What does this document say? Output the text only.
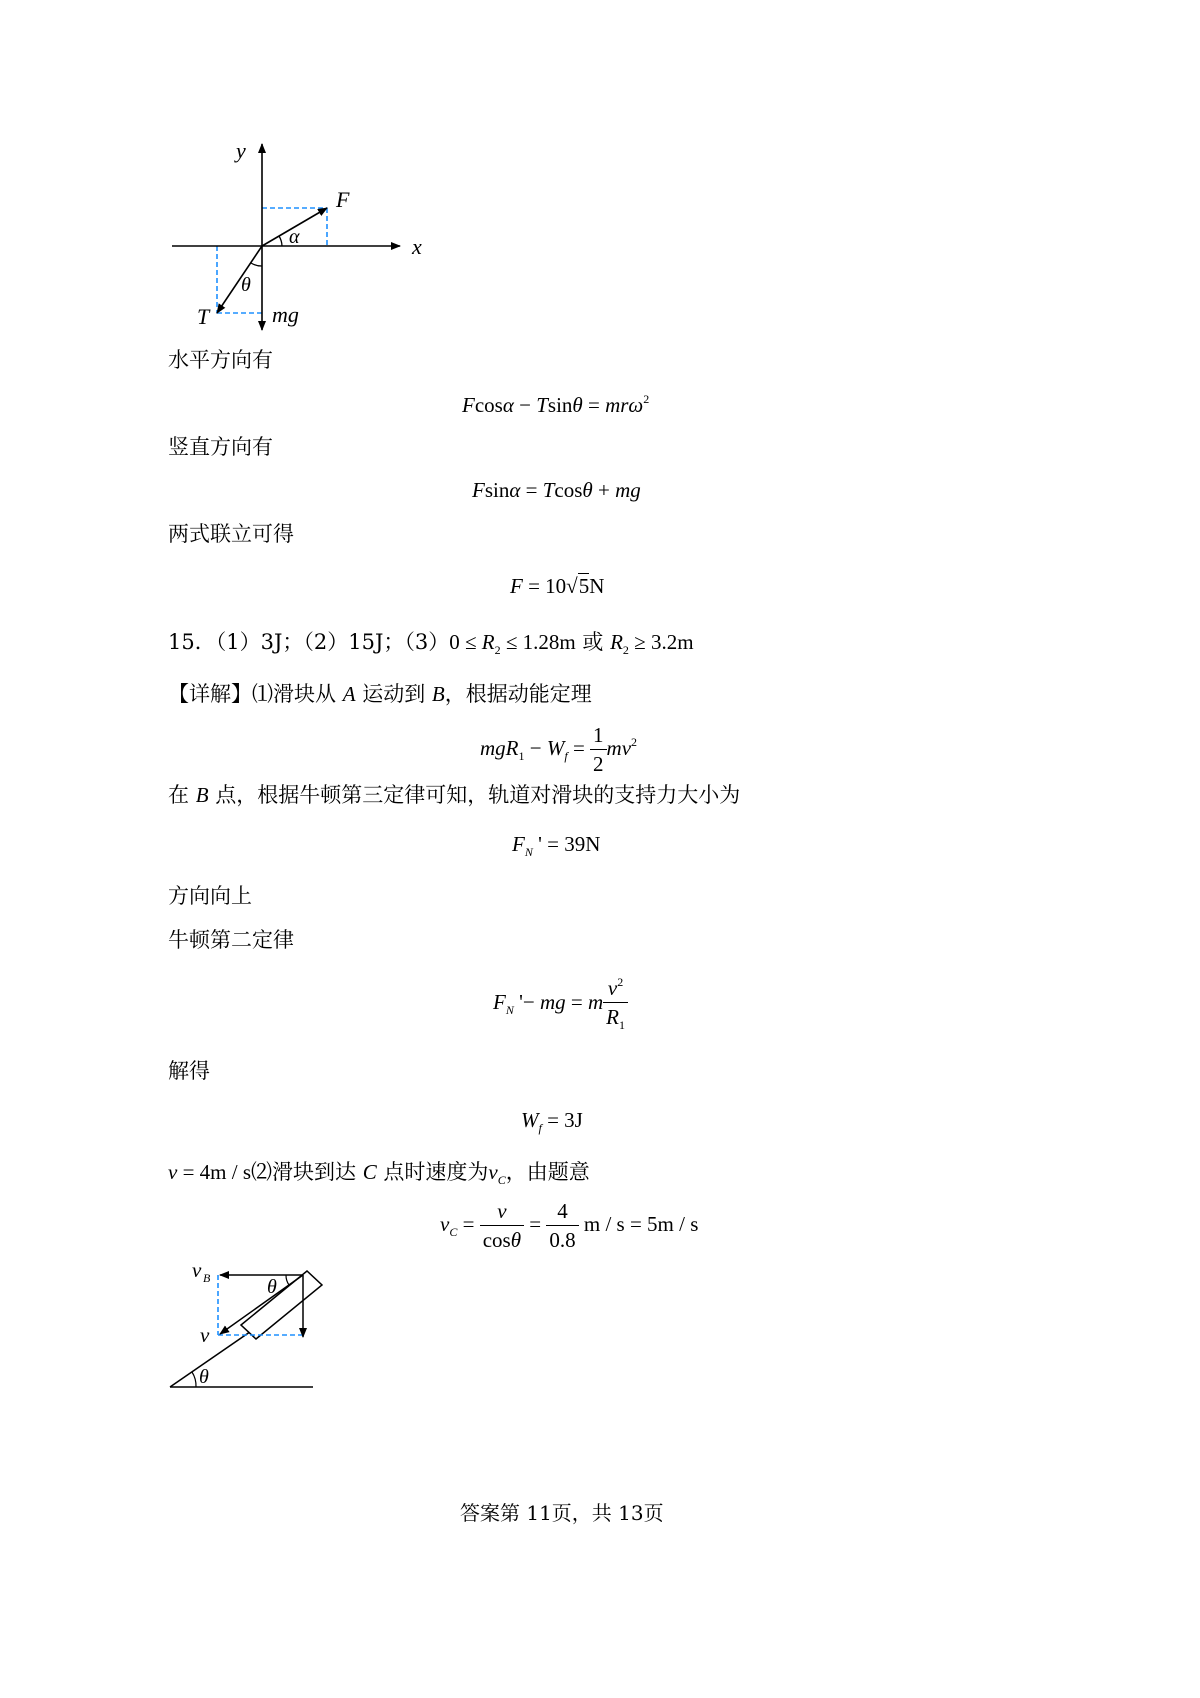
y
x
F
α
θ
T	mg
水平方向有
Fcosα − Tsinθ = mrω$^2$
竖直方向有
Fsinα = Tcosθ + mg
两式联立可得
F = 10√5N
15．（1）3J；（2）15J；$(3)0 \le R_2 \le 1.28m$ 或 $R_2 \ge 3.2m$
【详解】⑴滑块从 A 运动到 B，根据动能定理
$mgR_1 - W_f = \frac{1}{2} mv^2$
在 B 点，根据牛顿第三定律可知，轨道对滑块的支持力大小为
$F_N$ ' = 39N
方向向上
牛顿第二定律
$F_N$ '− mg = m $\frac{v^2}{R_1}$
解得
$W_f = 3J$
v = 4m / s⑵滑块到达 C 点时速度为$v_C$，由题意
$v_C = \frac{v}{\cos\theta} = \frac{4}{0.8}$ m / s = 5m / s
v B
v
θ
θ
答案第 11页，共 13页
